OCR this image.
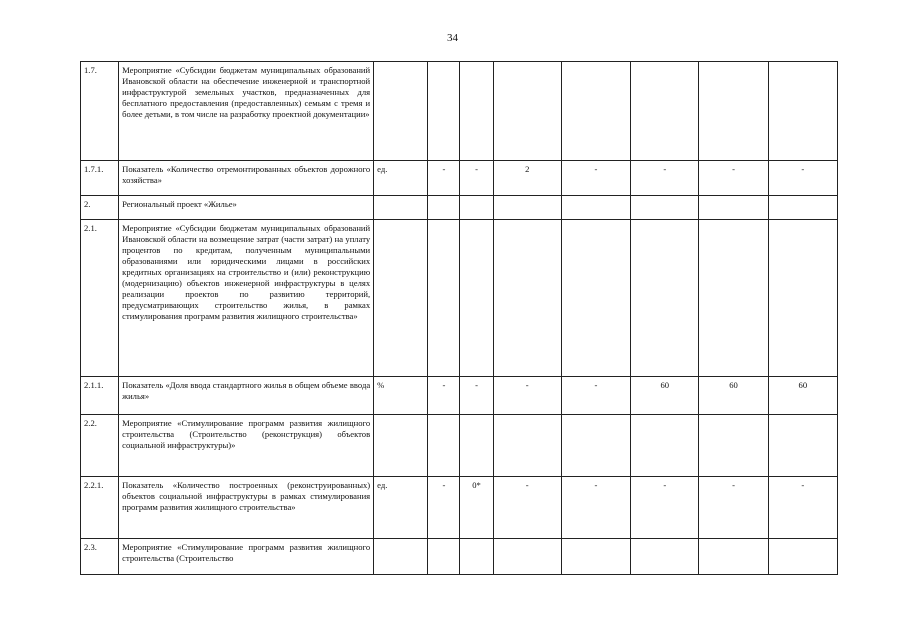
34
1.7.	Мероприятие «Субсидии бюджетам муниципальных образований Ивановской области на обеспечение инженерной и транспортной инфраструктурой земельных участков, предназначенных для бесплатного предоставления (предоставленных) семьям с тремя и более детьми, в том числе на разработку проектной документации»								
1.7.1.	Показатель «Количество отремонтированных объектов дорожного хозяйства»	ед.	-	-	2	-	-	-	-
2.	Региональный проект «Жилье»								
2.1.	Мероприятие «Субсидии бюджетам муниципальных образований Ивановской области на возмещение затрат (части затрат) на уплату процентов по кредитам, полученным муниципальными образованиями или юридическими лицами в российских кредитных организациях на строительство и (или) реконструкцию (модернизацию) объектов инженерной инфраструктуры в целях реализации проектов по развитию территорий, предусматривающих строительство жилья, в рамках стимулирования программ развития жилищного строительства»								
2.1.1.	Показатель «Доля ввода стандартного жилья в общем объеме ввода жилья»	%	-	-	-	-	60	60	60
2.2.	Мероприятие «Стимулирование программ развития жилищного строительства (Строительство (реконструкция) объектов социальной инфраструктуры)»								
2.2.1.	Показатель «Количество построенных (реконструированных) объектов социальной инфраструктуры в рамках стимулирования программ развития жилищного строительства»	ед.	-	0*	-	-	-	-	-
2.3.	Мероприятие «Стимулирование программ развития жилищного строительства (Строительство								
